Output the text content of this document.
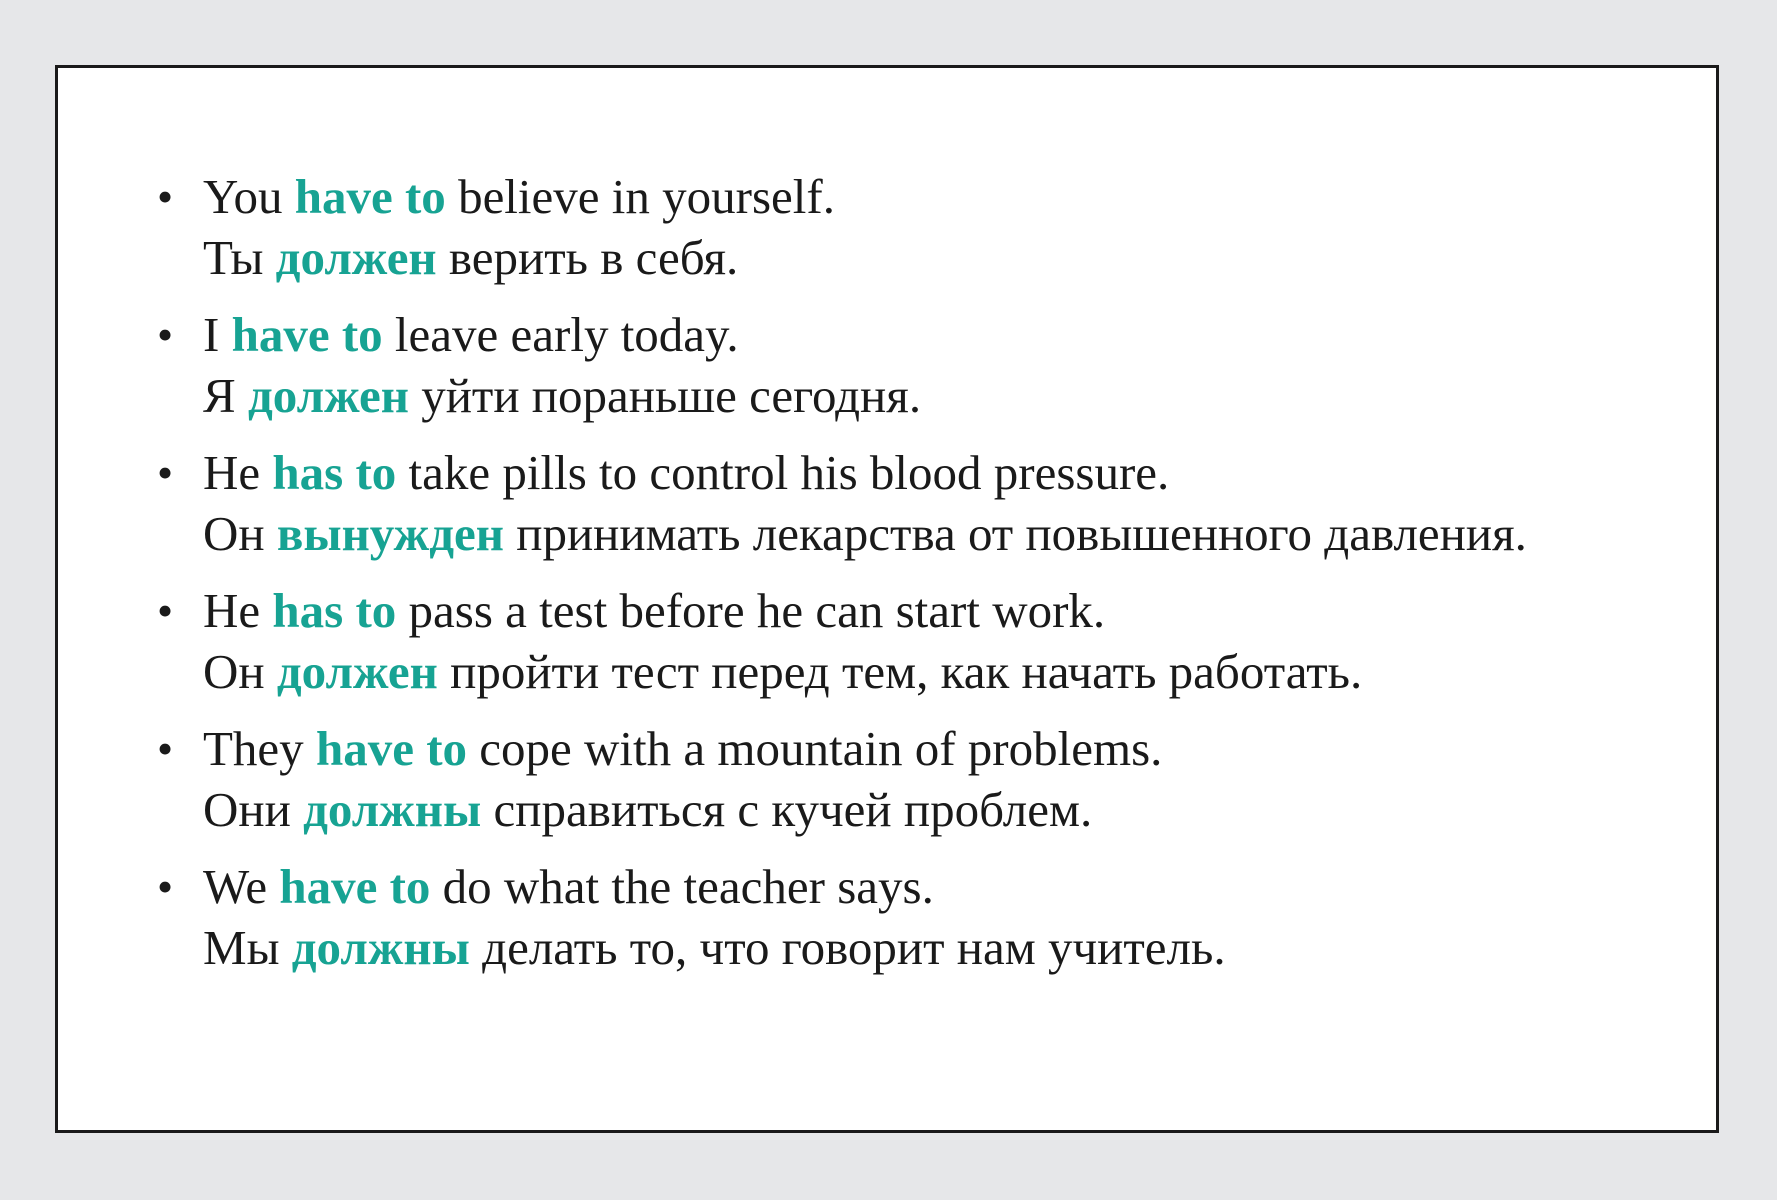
• You have to believe in yourself.
Ты должен верить в себя.
• I have to leave early today.
Я должен уйти пораньше сегодня.
• He has to take pills to control his blood pressure.
Он вынужден принимать лекарства от повышенного давления.
• He has to pass a test before he can start work.
Он должен пройти тест перед тем, как начать работать.
• They have to cope with a mountain of problems.
Они должны справиться с кучей проблем.
• We have to do what the teacher says.
Мы должны делать то, что говорит нам учитель.
